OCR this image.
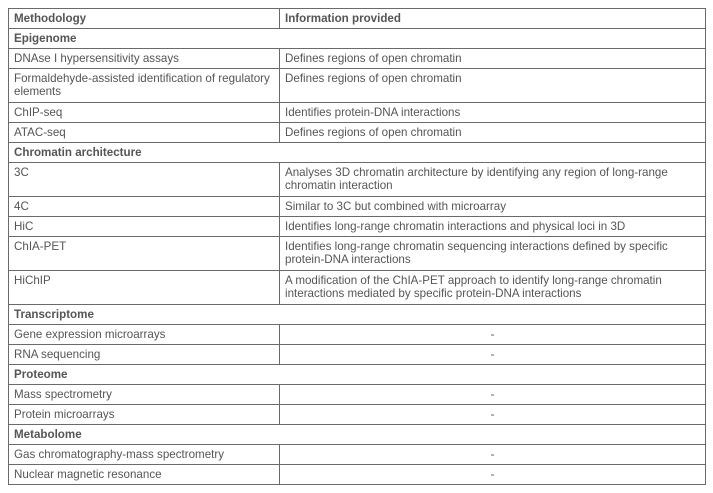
Methodology	Information provided
Epigenome	
DNAse I hypersensitivity assays	Defines regions of open chromatin
Formaldehyde-assisted identification of regulatory elements	Defines regions of open chromatin
ChIP-seq	Identifies protein-DNA interactions
ATAC-seq	Defines regions of open chromatin
Chromatin architecture	
3C	Analyses 3D chromatin architecture by identifying any region of long-range chromatin interaction
4C	Similar to 3C but combined with microarray
HiC	Identifies long-range chromatin interactions and physical loci in 3D
ChIA-PET	Identifies long-range chromatin sequencing interactions defined by specific protein-DNA interactions
HiChIP	A modification of the ChIA-PET approach to identify long-range chromatin interactions mediated by specific protein-DNA interactions
Transcriptome	
Gene expression microarrays	-
RNA sequencing	-
Proteome	
Mass spectrometry	-
Protein microarrays	-
Metabolome	
Gas chromatography-mass spectrometry	-
Nuclear magnetic resonance	-
